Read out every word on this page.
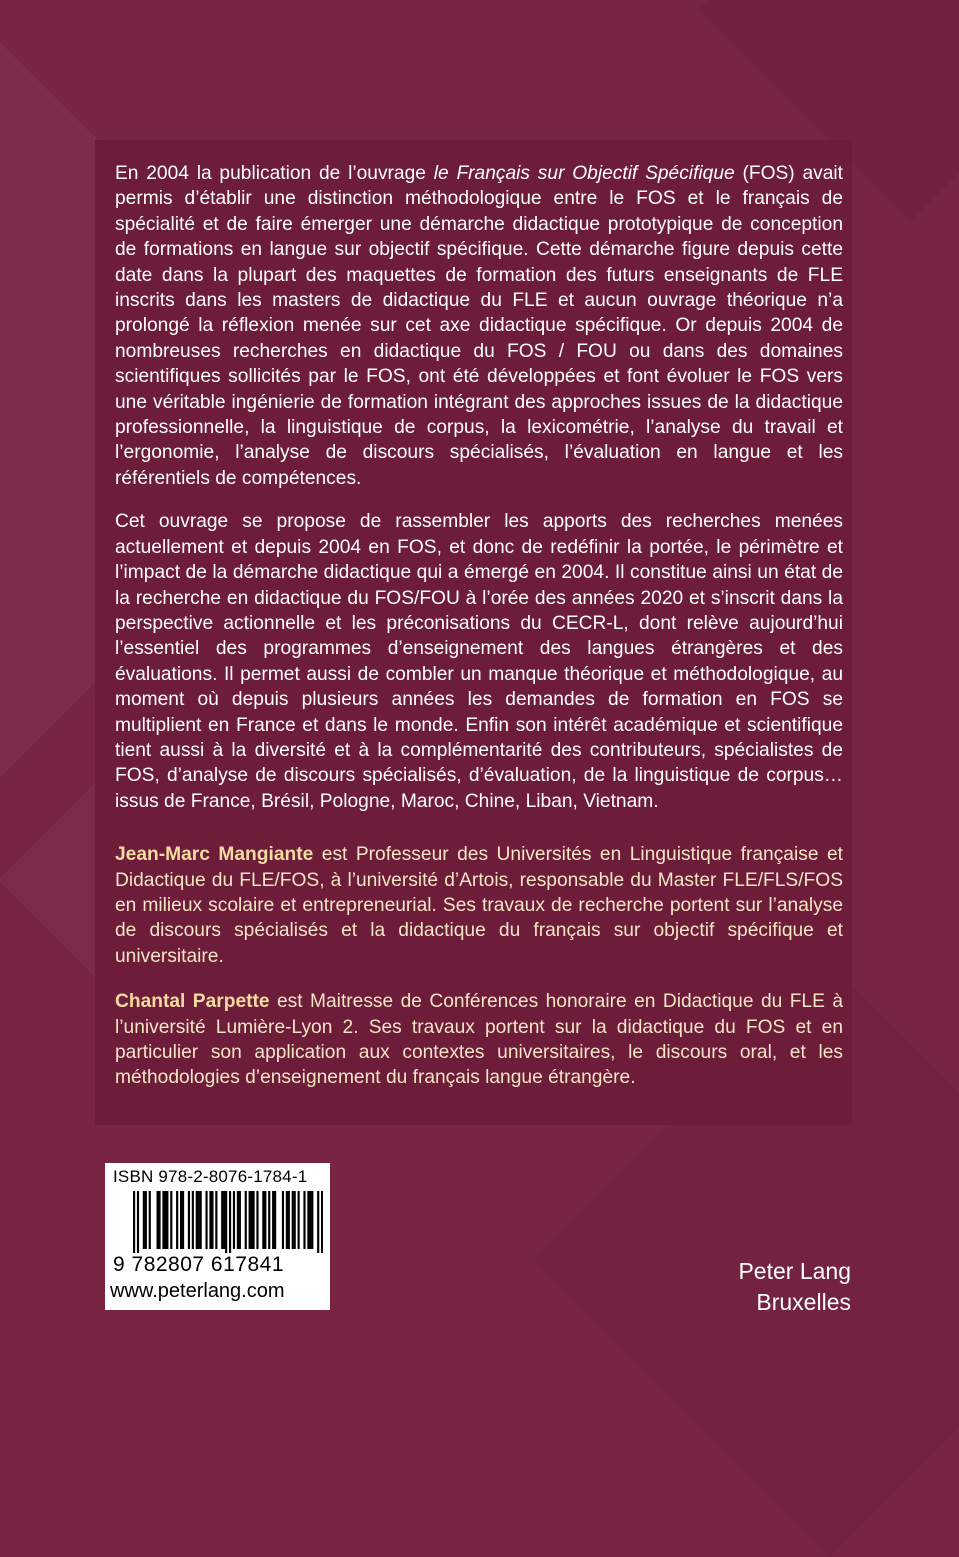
En 2004 la publication de l’ouvrage le Français sur Objectif Spécifique (FOS) avait permis d’établir une distinction méthodologique entre le FOS et le français de spécialité et de faire émerger une démarche didactique prototypique de conception de formations en langue sur objectif spécifique. Cette démarche figure depuis cette date dans la plupart des maquettes de formation des futurs enseignants de FLE inscrits dans les masters de didactique du FLE et aucun ouvrage théorique n’a prolongé la réflexion menée sur cet axe didactique spécifique. Or depuis 2004 de nombreuses recherches en didactique du FOS / FOU ou dans des domaines scientifiques sollicités par le FOS, ont été développées et font évoluer le FOS vers une véritable ingénierie de formation intégrant des approches issues de la didactique professionnelle, la linguistique de corpus, la lexicométrie, l’analyse du travail et l’ergonomie, l’analyse de discours spécialisés, l’évaluation en langue et les référentiels de compétences.

Cet ouvrage se propose de rassembler les apports des recherches menées actuellement et depuis 2004 en FOS, et donc de redéfinir la portée, le périmètre et l’impact de la démarche didactique qui a émergé en 2004. Il constitue ainsi un état de la recherche en didactique du FOS/FOU à l’orée des années 2020 et s’inscrit dans la perspective actionnelle et les préconisations du CECR-L, dont relève aujourd’hui l’essentiel des programmes d’enseignement des langues étrangères et des évaluations. Il permet aussi de combler un manque théorique et méthodologique, au moment où depuis plusieurs années les demandes de formation en FOS se multiplient en France et dans le monde. Enfin son intérêt académique et scientifique tient aussi à la diversité et à la complémentarité des contributeurs, spécialistes de FOS, d’analyse de discours spécialisés, d’évaluation, de la linguistique de corpus… issus de France, Brésil, Pologne, Maroc, Chine, Liban, Vietnam.

Jean-Marc Mangiante est Professeur des Universités en Linguistique française et Didactique du FLE/FOS, à l’université d’Artois, responsable du Master FLE/FLS/FOS en milieux scolaire et entrepreneurial. Ses travaux de recherche portent sur l’analyse de discours spécialisés et la didactique du français sur objectif spécifique et universitaire.

Chantal Parpette est Maitresse de Conférences honoraire en Didactique du FLE à l’université Lumière-Lyon 2. Ses travaux portent sur la didactique du FOS et en particulier son application aux contextes universitaires, le discours oral, et les méthodologies d’enseignement du français langue étrangère.

ISBN 978-2-8076-1784-1
9 782807 617841
www.peterlang.com
Peter Lang
Bruxelles
